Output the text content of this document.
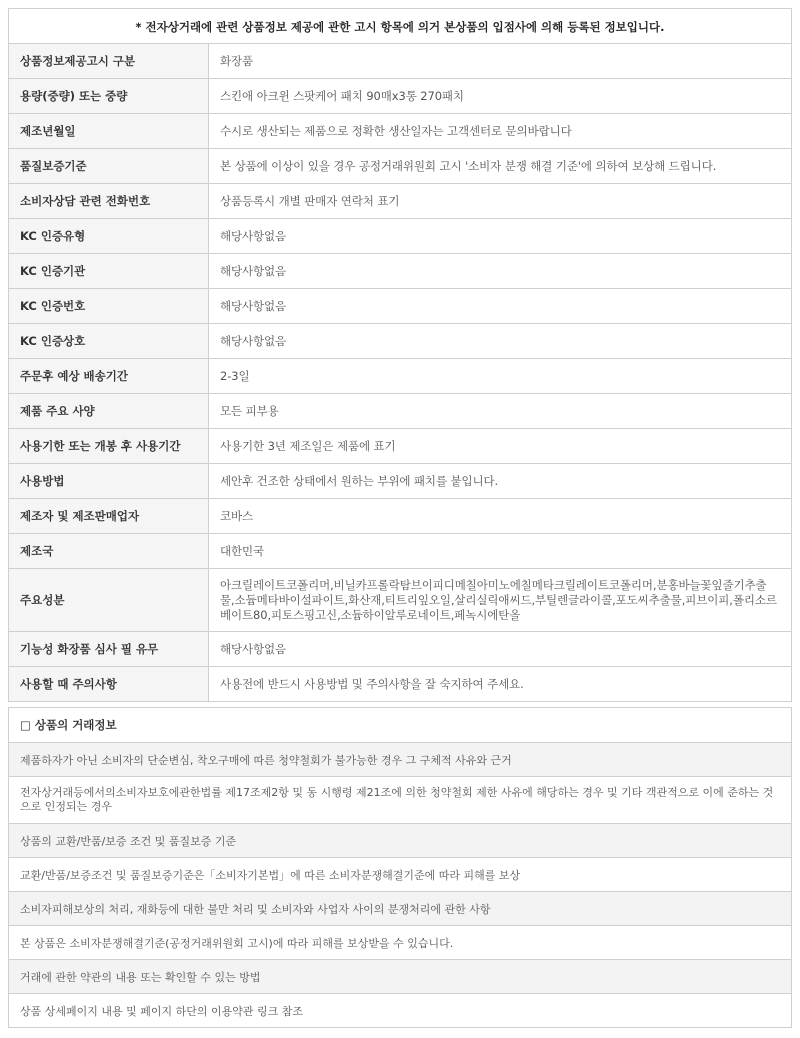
* 전자상거래에 관련 상품정보 제공에 관한 고시 항목에 의거 본상품의 입점사에 의해 등록된 정보입니다.
상품정보제공고시 구분	화장품
용량(중량) 또는 중량	스킨애 아크윈 스팟케어 패치 90매x3통 270패치
제조년월일	수시로 생산되는 제품으로 정확한 생산일자는 고객센터로 문의바랍니다
품질보증기준	본 상품에 이상이 있을 경우 공정거래위원회 고시 '소비자 분쟁 해결 기준'에 의하여 보상해 드립니다.
소비자상담 관련 전화번호	상품등록시 개별 판매자 연락처 표기
KC 인증유형	해당사항없음
KC 인증기관	해당사항없음
KC 인증번호	해당사항없음
KC 인증상호	해당사항없음
주문후 예상 배송기간	2-3일
제품 주요 사양	모든 피부용
사용기한 또는 개봉 후 사용기간	사용기한 3년 제조일은 제품에 표기
사용방법	세안후 건조한 상태에서 원하는 부위에 패치를 붙입니다.
제조자 및 제조판매업자	코바스
제조국	대한민국
주요성분	아크릴레이트코폴리머,비닐카프롤락탐브이피디메칠아미노에칠메타크릴레이트코폴리머,분홍바늘꽃잎줄기추출물,소듐메타바이설파이트,화산재,티트리잎오일,살리실릭애씨드,부틸렌글라이콜,포도씨추출물,피브이피,폴리소르베이트80,피토스핑고신,소듐하이알루로네이트,페녹시에탄올
기능성 화장품 심사 필 유무	해당사항없음
사용할 때 주의사항	사용전에 반드시 사용방법 및 주의사항을 잘 숙지하여 주세요.
□ 상품의 거래정보
제품하자가 아닌 소비자의 단순변심, 착오구매에 따른 청약철회가 불가능한 경우 그 구체적 사유와 근거
전자상거래등에서의소비자보호에관한법률 제17조제2항 및 동 시행령 제21조에 의한 청약철회 제한 사유에 해당하는 경우 및 기타 객관적으로 이에 준하는 것으로 인정되는 경우
상품의 교환/반품/보증 조건 및 품질보증 기준
교환/반품/보증조건 및 품질보증기준은「소비자기본법」에 따른 소비자분쟁해결기준에 따라 피해를 보상
소비자피해보상의 처리, 재화등에 대한 불만 처리 및 소비자와 사업자 사이의 분쟁처리에 관한 사항
본 상품은 소비자분쟁해결기준(공정거래위원회 고시)에 따라 피해를 보상받을 수 있습니다.
거래에 관한 약관의 내용 또는 확인할 수 있는 방법
상품 상세페이지 내용 및 페이지 하단의 이용약관 링크 참조
